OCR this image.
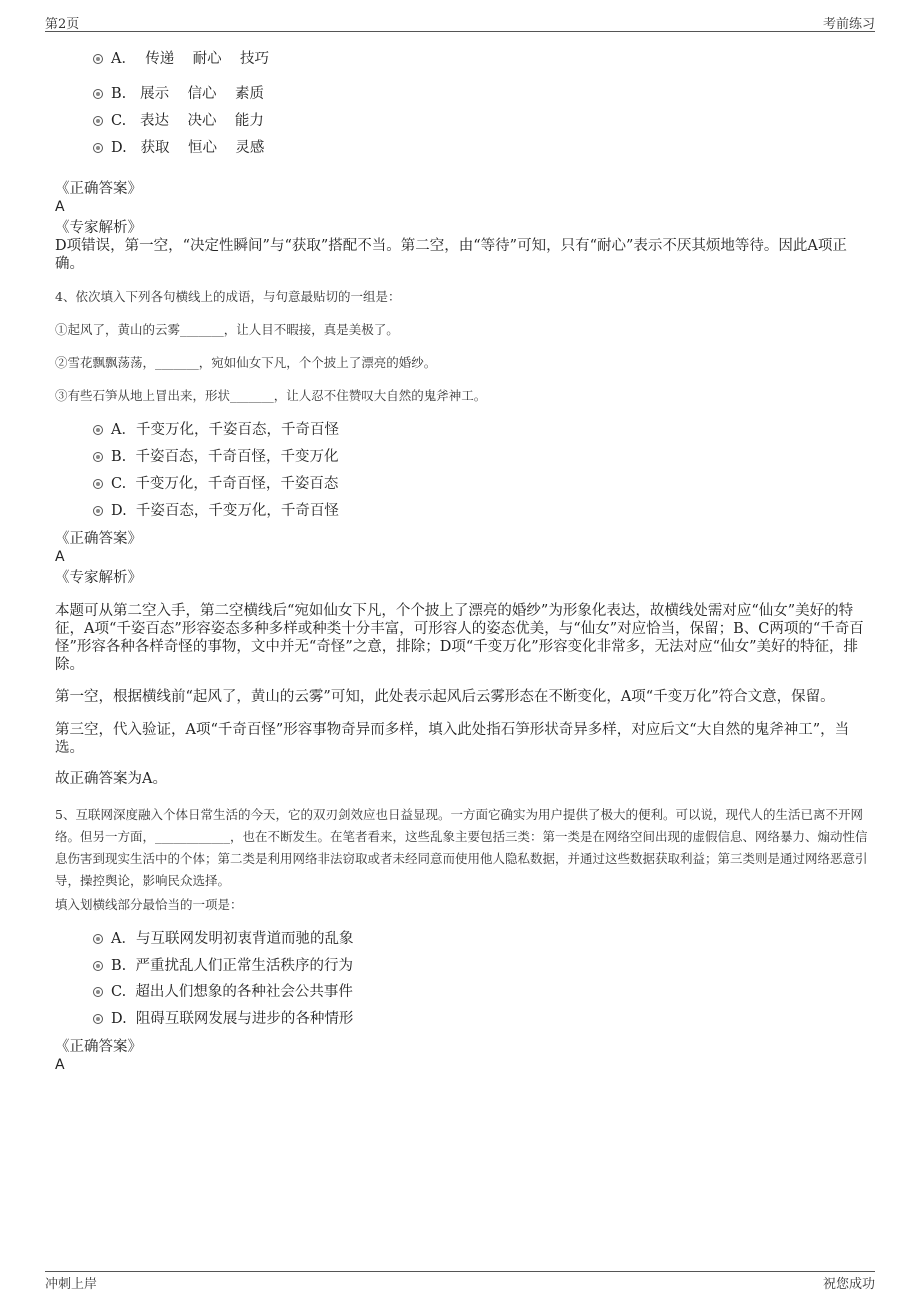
第2页	考前练习
A．  传递    耐心    技巧
B.   展示    信心    素质
C.   表达    决心    能力
D.   获取    恒心    灵感
《正确答案》
A
《专家解析》
D项错误，第一空，“决定性瞬间”与“获取”搭配不当。第二空，由“等待”可知，只有“耐心”表示不厌其烦地等待。因此A项正确。
4、依次填入下列各句横线上的成语，与句意最贴切的一组是：
①起风了，黄山的云雾_______，让人目不暇接，真是美极了。
②雪花飘飘荡荡，_______，宛如仙女下凡，个个披上了漂亮的婚纱。
③有些石笋从地上冒出来，形状_______，让人忍不住赞叹大自然的鬼斧神工。
A．千变万化，千姿百态，千奇百怪
B.  千姿百态，千奇百怪，千变万化
C.  千变万化，千奇百怪，千姿百态
D.  千姿百态，千变万化，千奇百怪
《正确答案》
A
《专家解析》
本题可从第二空入手，第二空横线后“宛如仙女下凡，个个披上了漂亮的婚纱”为形象化表达，故横线处需对应“仙女”美好的特征，A项“千姿百态”形容姿态多种多样或种类十分丰富，可形容人的姿态优美，与“仙女”对应恰当，保留；B、C两项的“千奇百怪”形容各种各样奇怪的事物，文中并无“奇怪”之意，排除；D项“千变万化”形容变化非常多，无法对应“仙女”美好的特征，排除。
第一空，根据横线前“起风了，黄山的云雾”可知，此处表示起风后云雾形态在不断变化，A项“千变万化”符合文意，保留。
第三空，代入验证，A项“千奇百怪”形容事物奇异而多样，填入此处指石笋形状奇异多样，对应后文“大自然的鬼斧神工”，当选。
故正确答案为A。
5、互联网深度融入个体日常生活的今天，它的双刃剑效应也日益显现。一方面它确实为用户提供了极大的便利。可以说，现代人的生活已离不开网络。但另一方面，____________，也在不断发生。在笔者看来，这些乱象主要包括三类：第一类是在网络空间出现的虚假信息、网络暴力、煽动性信息伤害到现实生活中的个体；第二类是利用网络非法窃取或者未经同意而使用他人隐私数据，并通过这些数据获取利益；第三类则是通过网络恶意引导，操控舆论，影响民众选择。
填入划横线部分最恰当的一项是：
A．与互联网发明初衷背道而驰的乱象
B.  严重扰乱人们正常生活秩序的行为
C.  超出人们想象的各种社会公共事件
D.  阻碍互联网发展与进步的各种情形
《正确答案》
A
冲刺上岸	祝您成功
